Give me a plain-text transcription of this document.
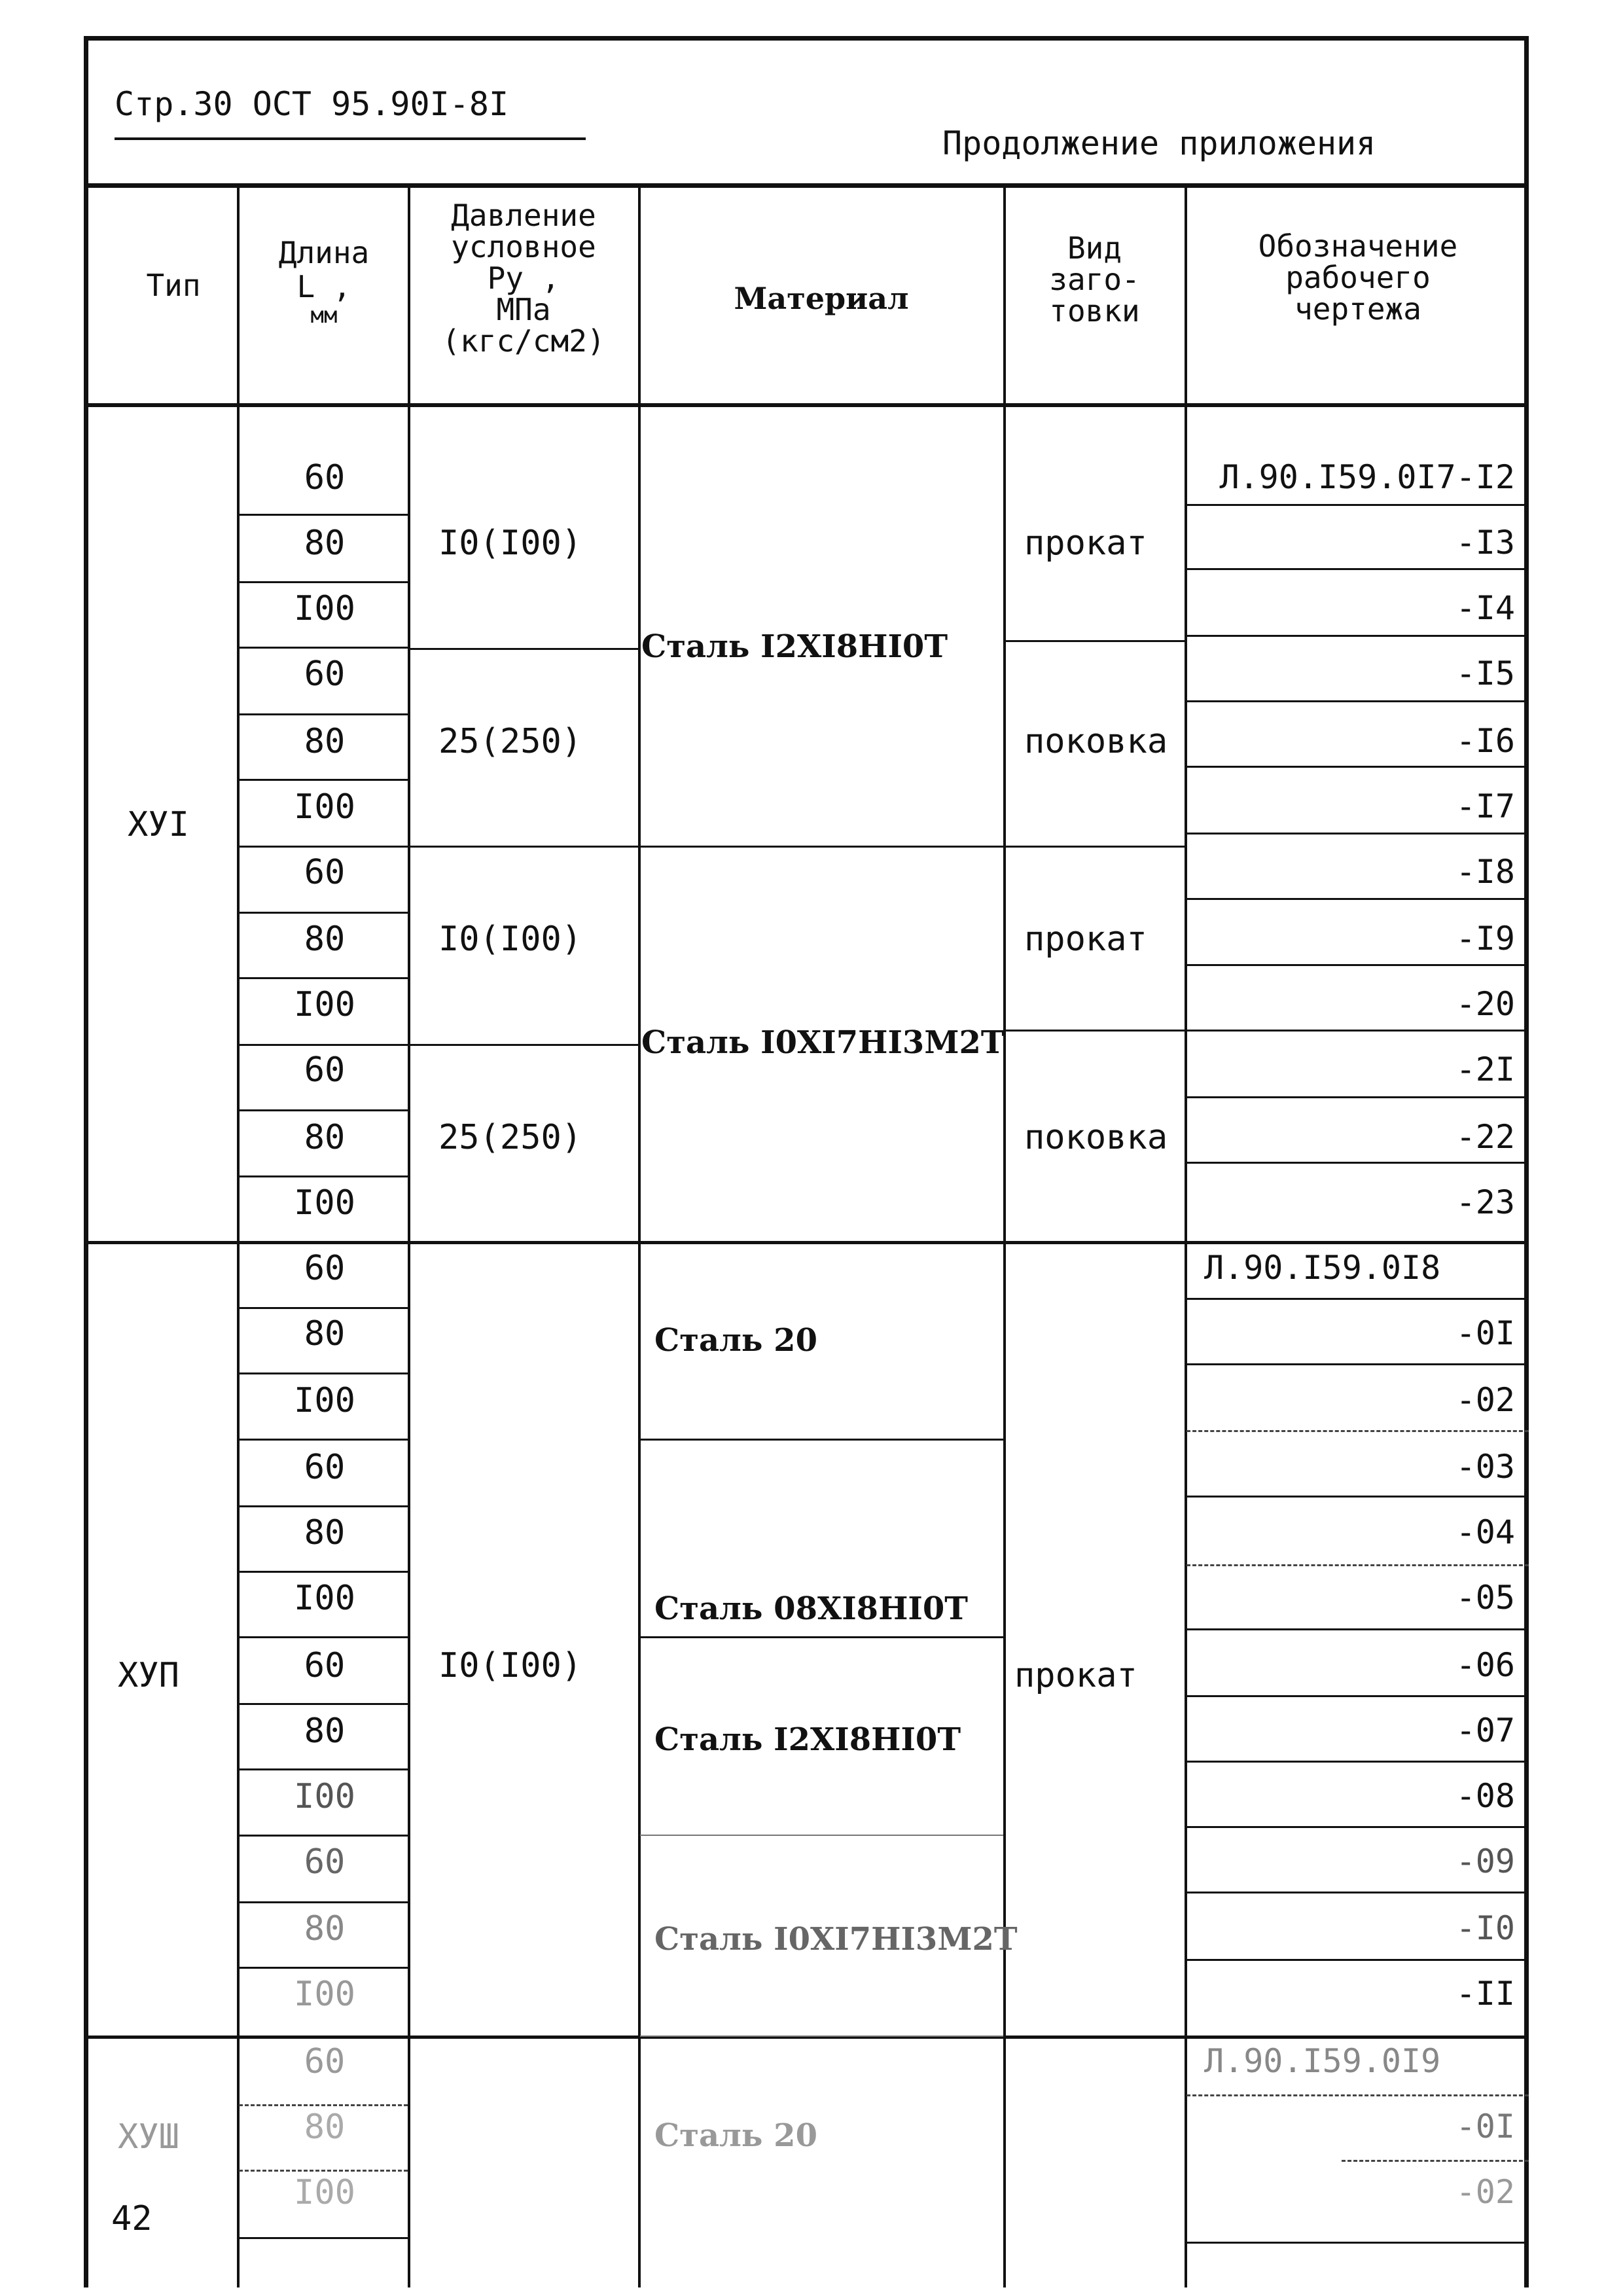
Стр.30 ОСТ 95.90I-8I
Продолжение приложения
Тип
Длина
L ,
мм
Давление
условное
Py ,
МПа
(кгс/см2)
Материал
Вид
заго-
товки
Обозначение
рабочего
чертежа
ХУI
ХУП
ХУШ
60
80
I00
60
80
I00
60
80
I00
60
80
I00
60
80
I00
60
80
I00
60
80
I00
60
80
I00
60
80
I00
I0(I00)
25(250)
I0(I00)
25(250)
I0(I00)
Сталь I2XI8HI0T
Сталь I0XI7HI3M2T
Сталь 20
Сталь 08XI8HI0T
Сталь I2XI8HI0T
Сталь I0XI7HI3M2T
Сталь 20
прокат
поковка
прокат
поковка
прокат
Л.90.I59.0I7-I2
-I3
-I4
-I5
-I6
-I7
-I8
-I9
-20
-2I
-22
-23
Л.90.I59.0I8
-0I
-02
-03
-04
-05
-06
-07
-08
-09
-I0
-II
Л.90.I59.0I9
-0I
-02
42
